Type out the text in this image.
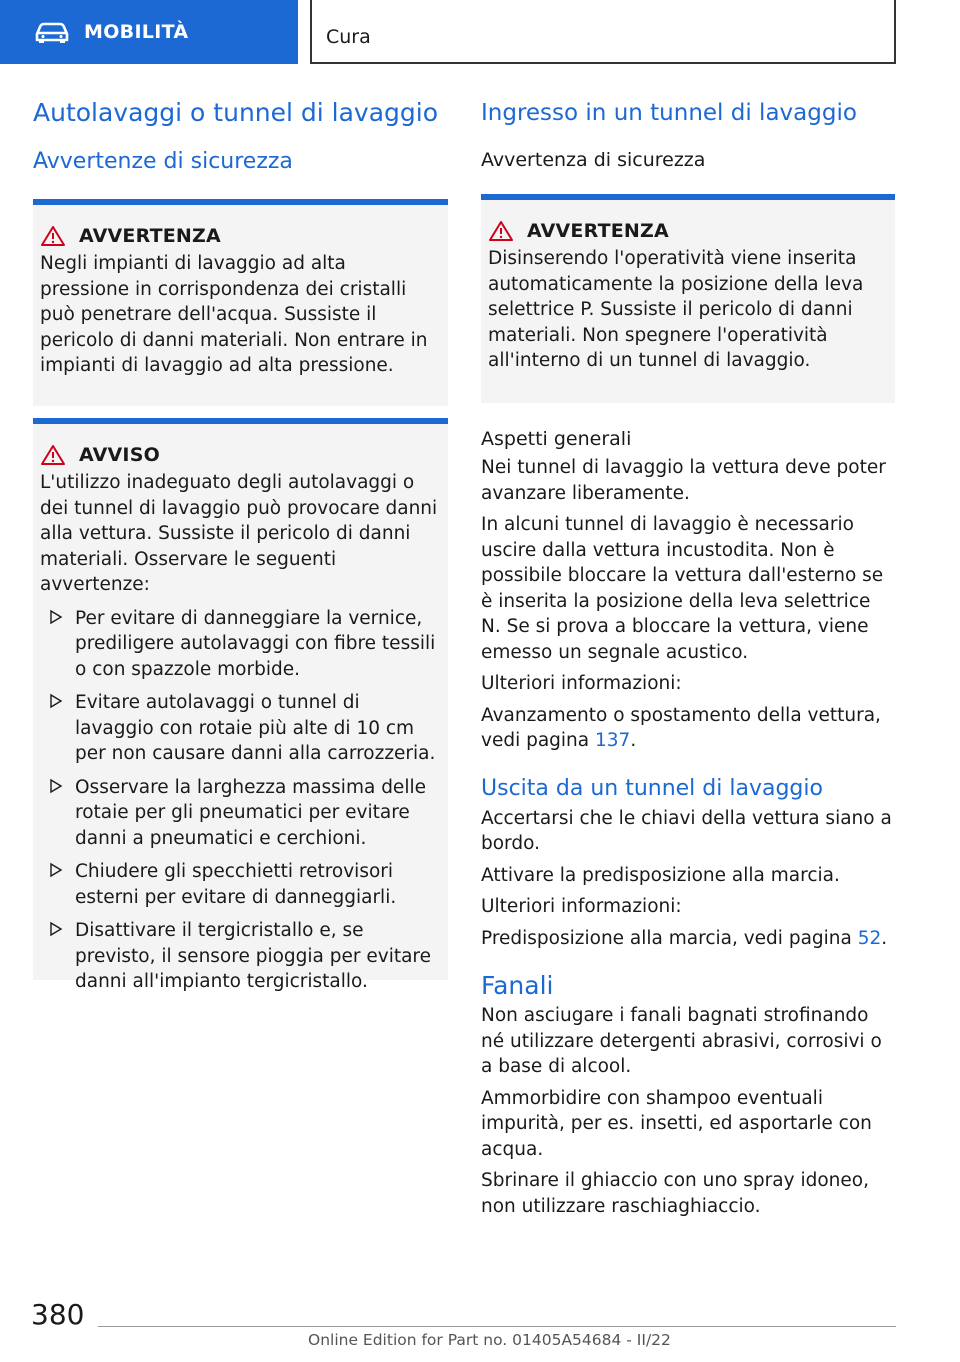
MOBILITÀ	Cura
Autolavaggi o tunnel di lavaggio
Avvertenze di sicurezza
AVVERTENZA

Negli impianti di lavaggio ad alta pressione in corrispondenza dei cristalli può penetrare dell'acqua. Sussiste il pericolo di danni materiali. Non entrare in impianti di lavaggio ad alta pressione.

AVVISO

L'utilizzo inadeguato degli autolavaggi o dei tunnel di lavaggio può provocare danni alla vettura. Sussiste il pericolo di danni materiali. Osservare le seguenti avvertenze:

Per evitare di danneggiare la vernice, prediligere autolavaggi con fibre tessili o con spazzole morbide.
Evitare autolavaggi o tunnel di lavaggio con rotaie più alte di 10 cm per non causare danni alla carrozzeria.
Osservare la larghezza massima delle rotaie per gli pneumatici per evitare danni a pneumatici e cerchioni.
Chiudere gli specchietti retrovisori esterni per evitare di danneggiarli.
Disattivare il tergicristallo e, se previsto, il sensore pioggia per evitare danni all'impianto tergicristallo.
Ingresso in un tunnel di lavaggio
Avvertenza di sicurezza
AVVERTENZA

Disinserendo l'operatività viene inserita automaticamente la posizione della leva selettrice P. Sussiste il pericolo di danni materiali. Non spegnere l'operatività all'interno di un tunnel di lavaggio.

Aspetti generali

Nei tunnel di lavaggio la vettura deve poter avanzare liberamente.

In alcuni tunnel di lavaggio è necessario uscire dalla vettura incustodita. Non è possibile bloccare la vettura dall'esterno se è inserita la posizione della leva selettrice N. Se si prova a bloccare la vettura, viene emesso un segnale acustico.

Ulteriori informazioni:

Avanzamento o spostamento della vettura, vedi pagina 137.

Uscita da un tunnel di lavaggio

Accertarsi che le chiavi della vettura siano a bordo.

Attivare la predisposizione alla marcia.

Ulteriori informazioni:

Predisposizione alla marcia, vedi pagina 52.

Fanali

Non asciugare i fanali bagnati strofinando né utilizzare detergenti abrasivi, corrosivi o a base di alcool.

Ammorbidire con shampoo eventuali impurità, per es. insetti, ed asportarle con acqua.

Sbrinare il ghiaccio con uno spray idoneo, non utilizzare raschiaghiaccio.

380
Online Edition for Part no. 01405A54684 - II/22
